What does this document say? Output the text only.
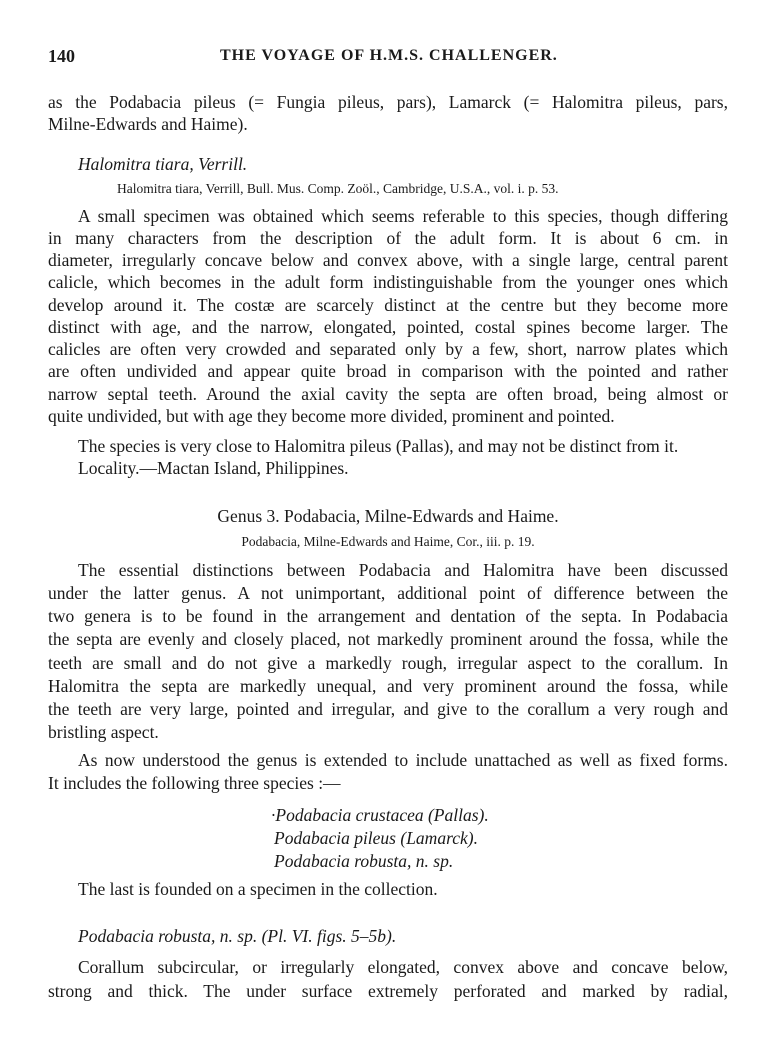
140	THE VOYAGE OF H.M.S. CHALLENGER.
as the Podabacia pileus (= Fungia pileus, pars), Lamarck (= Halomitra pileus, pars,
Milne-Edwards and Haime).
Halomitra tiara, Verrill.
Halomitra tiara, Verrill, Bull. Mus. Comp. Zoöl., Cambridge, U.S.A., vol. i. p. 53.
A small specimen was obtained which seems referable to this species, though differing
in many characters from the description of the adult form. It is about 6 cm. in
diameter, irregularly concave below and convex above, with a single large, central parent
calicle, which becomes in the adult form indistinguishable from the younger ones which
develop around it. The costæ are scarcely distinct at the centre but they become more
distinct with age, and the narrow, elongated, pointed, costal spines become larger. The
calicles are often very crowded and separated only by a few, short, narrow plates which
are often undivided and appear quite broad in comparison with the pointed and rather
narrow septal teeth. Around the axial cavity the septa are often broad, being almost or
quite undivided, but with age they become more divided, prominent and pointed.
The species is very close to Halomitra pileus (Pallas), and may not be distinct from it.
Locality.—Mactan Island, Philippines.
Genus 3. Podabacia, Milne-Edwards and Haime.
Podabacia, Milne-Edwards and Haime, Cor., iii. p. 19.
The essential distinctions between Podabacia and Halomitra have been discussed
under the latter genus. A not unimportant, additional point of difference between the
two genera is to be found in the arrangement and dentation of the septa. In Podabacia
the septa are evenly and closely placed, not markedly prominent around the fossa, while the
teeth are small and do not give a markedly rough, irregular aspect to the corallum. In
Halomitra the septa are markedly unequal, and very prominent around the fossa, while
the teeth are very large, pointed and irregular, and give to the corallum a very rough and
bristling aspect.
As now understood the genus is extended to include unattached as well as fixed forms.
It includes the following three species :—
·Podabacia crustacea (Pallas).
Podabacia pileus (Lamarck).
Podabacia robusta, n. sp.
The last is founded on a specimen in the collection.
Podabacia robusta, n. sp. (Pl. VI. figs. 5–5b).
Corallum subcircular, or irregularly elongated, convex above and concave below,
strong and thick. The under surface extremely perforated and marked by radial,
